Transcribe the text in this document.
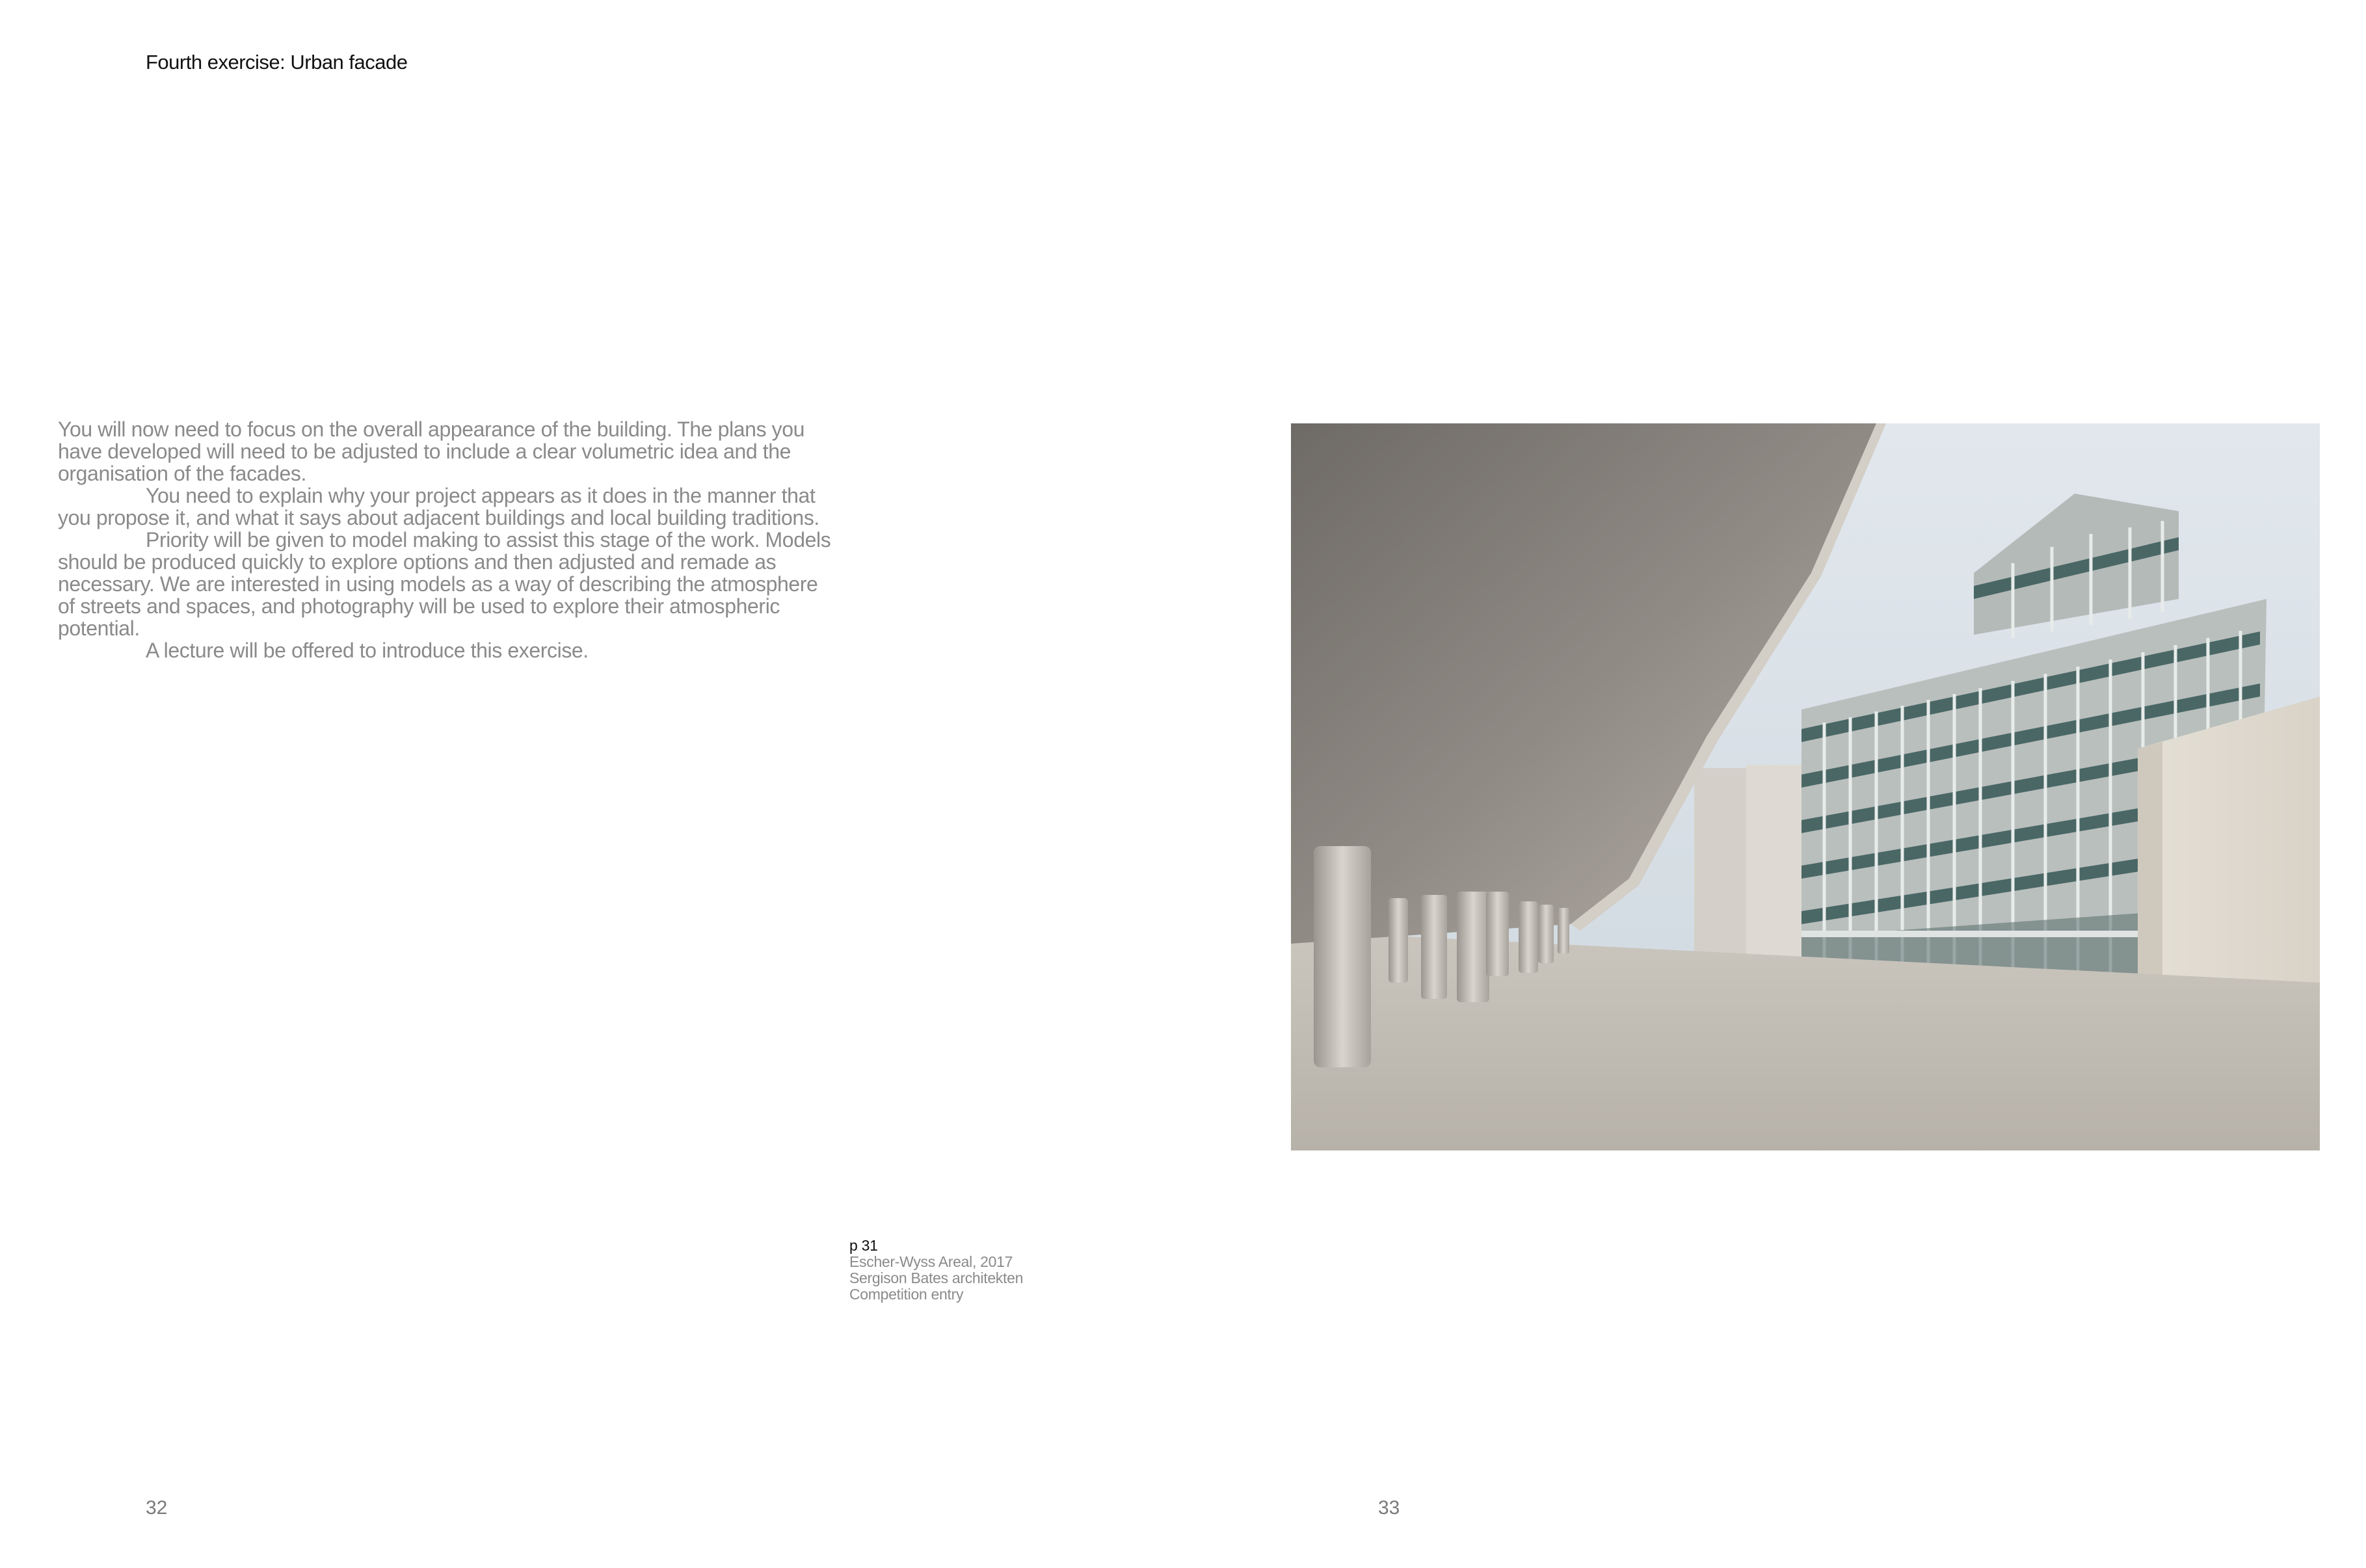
Fourth exercise: Urban facade

You will now need to focus on the overall appearance of the building. The plans you have developed will need to be adjusted to include a clear volumetric idea and the organisation of the facades.

You need to explain why your project appears as it does in the manner that you propose it, and what it says about adjacent buildings and local building traditions.

Priority will be given to model making to assist this stage of the work. Models should be produced quickly to explore options and then adjusted and remade as necessary. We are interested in using models as a way of describing the atmosphere of streets and spaces, and photography will be used to explore their atmospheric potential.

A lecture will be offered to introduce this exercise.

p 31
Escher-Wyss Areal, 2017
Sergison Bates architekten
Competition entry
32	33
